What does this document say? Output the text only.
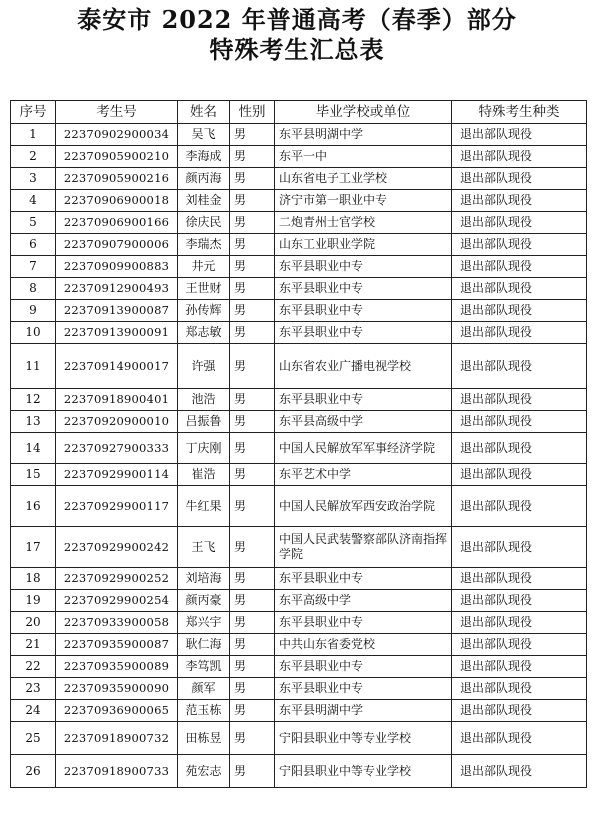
泰安市 2022 年普通高考（春季）部分
特殊考生汇总表
序号	考生号	姓名	性别	毕业学校或单位	特殊考生种类
1	22370902900034	吴飞	男	东平县明湖中学	退出部队现役
2	22370905900210	李海成	男	东平一中	退出部队现役
3	22370905900216	颜丙海	男	山东省电子工业学校	退出部队现役
4	22370906900018	刘桂金	男	济宁市第一职业中专	退出部队现役
5	22370906900166	徐庆民	男	二炮青州士官学校	退出部队现役
6	22370907900006	李瑞杰	男	山东工业职业学院	退出部队现役
7	22370909900883	井元	男	东平县职业中专	退出部队现役
8	22370912900493	王世财	男	东平县职业中专	退出部队现役
9	22370913900087	孙传辉	男	东平县职业中专	退出部队现役
10	22370913900091	郑志敏	男	东平县职业中专	退出部队现役
11	22370914900017	许强	男	山东省农业广播电视学校	退出部队现役
12	22370918900401	池浩	男	东平县职业中专	退出部队现役
13	22370920900010	吕振鲁	男	东平县高级中学	退出部队现役
14	22370927900333	丁庆刚	男	中国人民解放军军事经济学院	退出部队现役
15	22370929900114	崔浩	男	东平艺术中学	退出部队现役
16	22370929900117	牛红果	男	中国人民解放军西安政治学院	退出部队现役
17	22370929900242	王飞	男	中国人民武装警察部队济南指挥学院	退出部队现役
18	22370929900252	刘培海	男	东平县职业中专	退出部队现役
19	22370929900254	颜丙豪	男	东平高级中学	退出部队现役
20	22370933900058	郑兴宇	男	东平县职业中专	退出部队现役
21	22370935900087	耿仁海	男	中共山东省委党校	退出部队现役
22	22370935900089	李笃凯	男	东平县职业中专	退出部队现役
23	22370935900090	颜军	男	东平县职业中专	退出部队现役
24	22370936900065	范玉栋	男	东平县明湖中学	退出部队现役
25	22370918900732	田栋昱	男	宁阳县职业中等专业学校	退出部队现役
26	22370918900733	苑宏志	男	宁阳县职业中等专业学校	退出部队现役
